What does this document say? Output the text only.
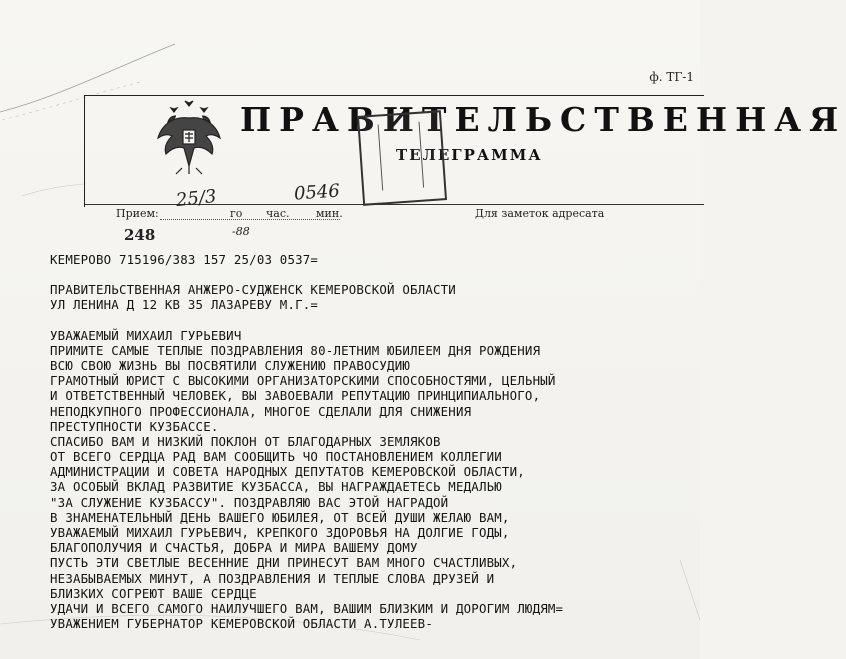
ф. ТГ-1
ПРАВИТЕЛЬСТВЕННАЯ
ТЕЛЕГРАММА
Прием:	го час. мин.	Для заметок адресата
25/3	0546
248	-88
КЕМЕРОВО 715196/383 157 25/03 0537=
ПРАВИТЕЛЬСТВЕННАЯ АНЖЕРО-СУДЖЕНСК КЕМЕРОВСКОЙ ОБЛАСТИ
УЛ ЛЕНИНА Д 12 КВ 35 ЛАЗАРЕВУ М.Г.=
УВАЖАЕМЫЙ МИХАИЛ ГУРЬЕВИЧ
ПРИМИТЕ САМЫЕ ТЕПЛЫЕ ПОЗДРАВЛЕНИЯ 80-ЛЕТНИМ ЮБИЛЕЕМ ДНЯ РОЖДЕНИЯ
ВСЮ СВОЮ ЖИЗНЬ ВЫ ПОСВЯТИЛИ СЛУЖЕНИЮ ПРАВОСУДИЮ
ГРАМОТНЫЙ ЮРИСТ С ВЫСОКИМИ ОРГАНИЗАТОРСКИМИ СПОСОБНОСТЯМИ, ЦЕЛЬНЫЙ
И ОТВЕТСТВЕННЫЙ ЧЕЛОВЕК, ВЫ ЗАВОЕВАЛИ РЕПУТАЦИЮ ПРИНЦИПИАЛЬНОГО,
НЕПОДКУПНОГО ПРОФЕССИОНАЛА, МНОГОЕ СДЕЛАЛИ ДЛЯ СНИЖЕНИЯ
ПРЕСТУПНОСТИ КУЗБАССЕ.
СПАСИБО ВАМ И НИЗКИЙ ПОКЛОН ОТ БЛАГОДАРНЫХ ЗЕМЛЯКОВ
ОТ ВСЕГО СЕРДЦА РАД ВАМ СООБЩИТЬ ЧО ПОСТАНОВЛЕНИЕМ КОЛЛЕГИИ
АДМИНИСТРАЦИИ И СОВЕТА НАРОДНЫХ ДЕПУТАТОВ КЕМЕРОВСКОЙ ОБЛАСТИ,
ЗА ОСОБЫЙ ВКЛАД РАЗВИТИЕ КУЗБАССА, ВЫ НАГРАЖДАЕТЕСЬ МЕДАЛЬЮ
"ЗА СЛУЖЕНИЕ КУЗБАССУ". ПОЗДРАВЛЯЮ ВАС ЭТОЙ НАГРАДОЙ
В ЗНАМЕНАТЕЛЬНЫЙ ДЕНЬ ВАШЕГО ЮБИЛЕЯ, ОТ ВСЕЙ ДУШИ ЖЕЛАЮ ВАМ,
УВАЖАЕМЫЙ МИХАИЛ ГУРЬЕВИЧ, КРЕПКОГО ЗДОРОВЬЯ НА ДОЛГИЕ ГОДЫ,
БЛАГОПОЛУЧИЯ И СЧАСТЬЯ, ДОБРА И МИРА ВАШЕМУ ДОМУ
ПУСТЬ ЭТИ СВЕТЛЫЕ ВЕСЕННИЕ ДНИ ПРИНЕСУТ ВАМ МНОГО СЧАСТЛИВЫХ,
НЕЗАБЫВАЕМЫХ МИНУТ, А ПОЗДРАВЛЕНИЯ И ТЕПЛЫЕ СЛОВА ДРУЗЕЙ И
БЛИЗКИХ СОГРЕЮТ ВАШЕ СЕРДЦЕ
УДАЧИ И ВСЕГО САМОГО НАИЛУЧШЕГО ВАМ, ВАШИМ БЛИЗКИМ И ДОРОГИМ ЛЮДЯМ=
УВАЖЕНИЕМ ГУБЕРНАТОР КЕМЕРОВСКОЙ ОБЛАСТИ А.ТУЛЕЕВ-
